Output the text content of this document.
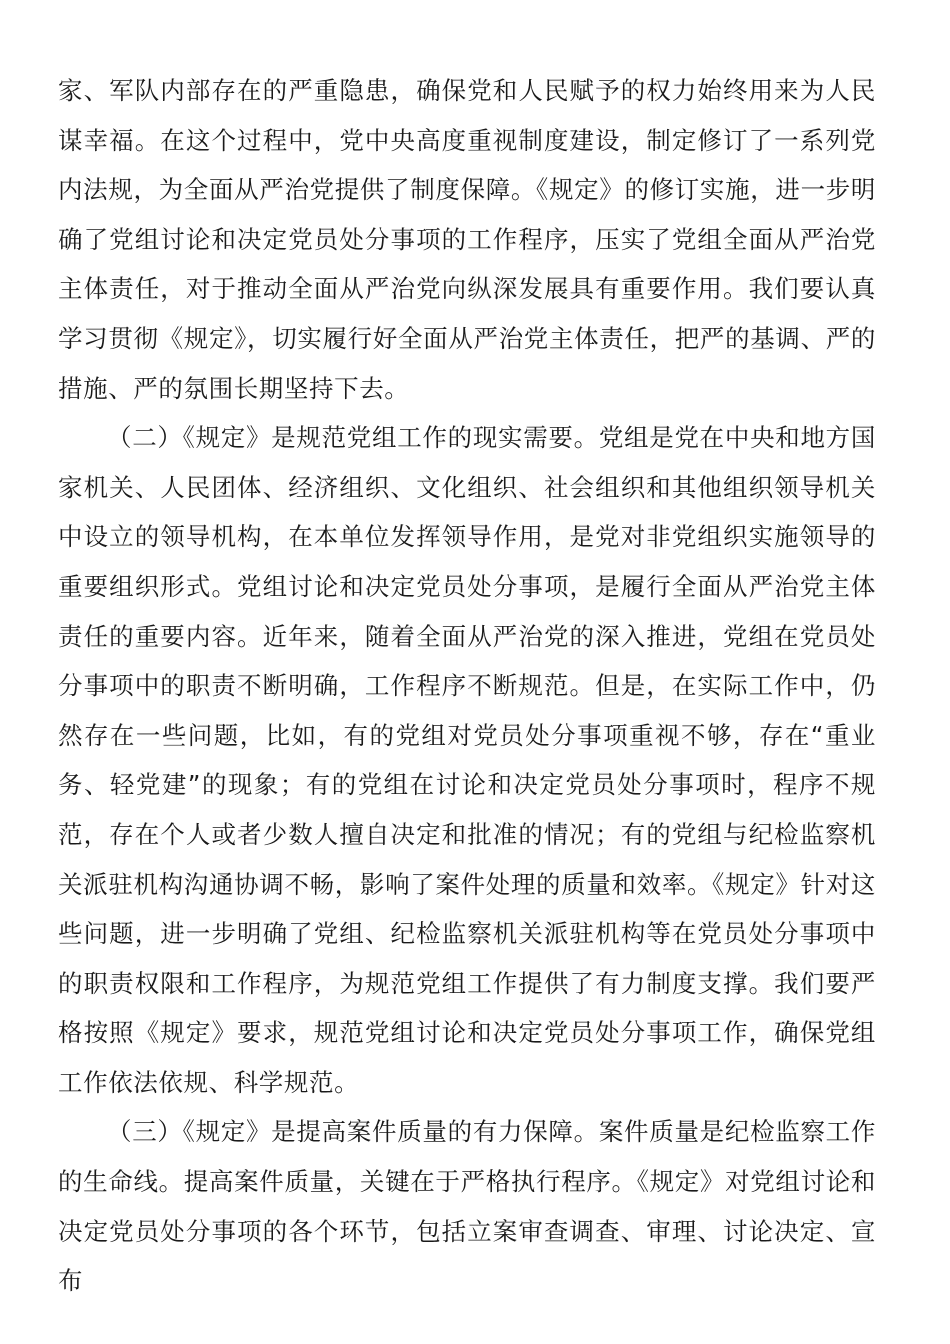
家、军队内部存在的严重隐患，确保党和人民赋予的权力始终用来为人民谋幸福。在这个过程中，党中央高度重视制度建设，制定修订了一系列党内法规，为全面从严治党提供了制度保障。《规定》的修订实施，进一步明确了党组讨论和决定党员处分事项的工作程序，压实了党组全面从严治党主体责任，对于推动全面从严治党向纵深发展具有重要作用。我们要认真学习贯彻《规定》，切实履行好全面从严治党主体责任，把严的基调、严的措施、严的氛围长期坚持下去。

（二）《规定》是规范党组工作的现实需要。党组是党在中央和地方国家机关、人民团体、经济组织、文化组织、社会组织和其他组织领导机关中设立的领导机构，在本单位发挥领导作用，是党对非党组织实施领导的重要组织形式。党组讨论和决定党员处分事项，是履行全面从严治党主体责任的重要内容。近年来，随着全面从严治党的深入推进，党组在党员处分事项中的职责不断明确，工作程序不断规范。但是，在实际工作中，仍然存在一些问题，比如，有的党组对党员处分事项重视不够，存在“重业务、轻党建”的现象；有的党组在讨论和决定党员处分事项时，程序不规范，存在个人或者少数人擅自决定和批准的情况；有的党组与纪检监察机关派驻机构沟通协调不畅，影响了案件处理的质量和效率。《规定》针对这些问题，进一步明确了党组、纪检监察机关派驻机构等在党员处分事项中的职责权限和工作程序，为规范党组工作提供了有力制度支撑。我们要严格按照《规定》要求，规范党组讨论和决定党员处分事项工作，确保党组工作依法依规、科学规范。

（三）《规定》是提高案件质量的有力保障。案件质量是纪检监察工作的生命线。提高案件质量，关键在于严格执行程序。《规定》对党组讨论和决定党员处分事项的各个环节，包括立案审查调查、审理、讨论决定、宣布
